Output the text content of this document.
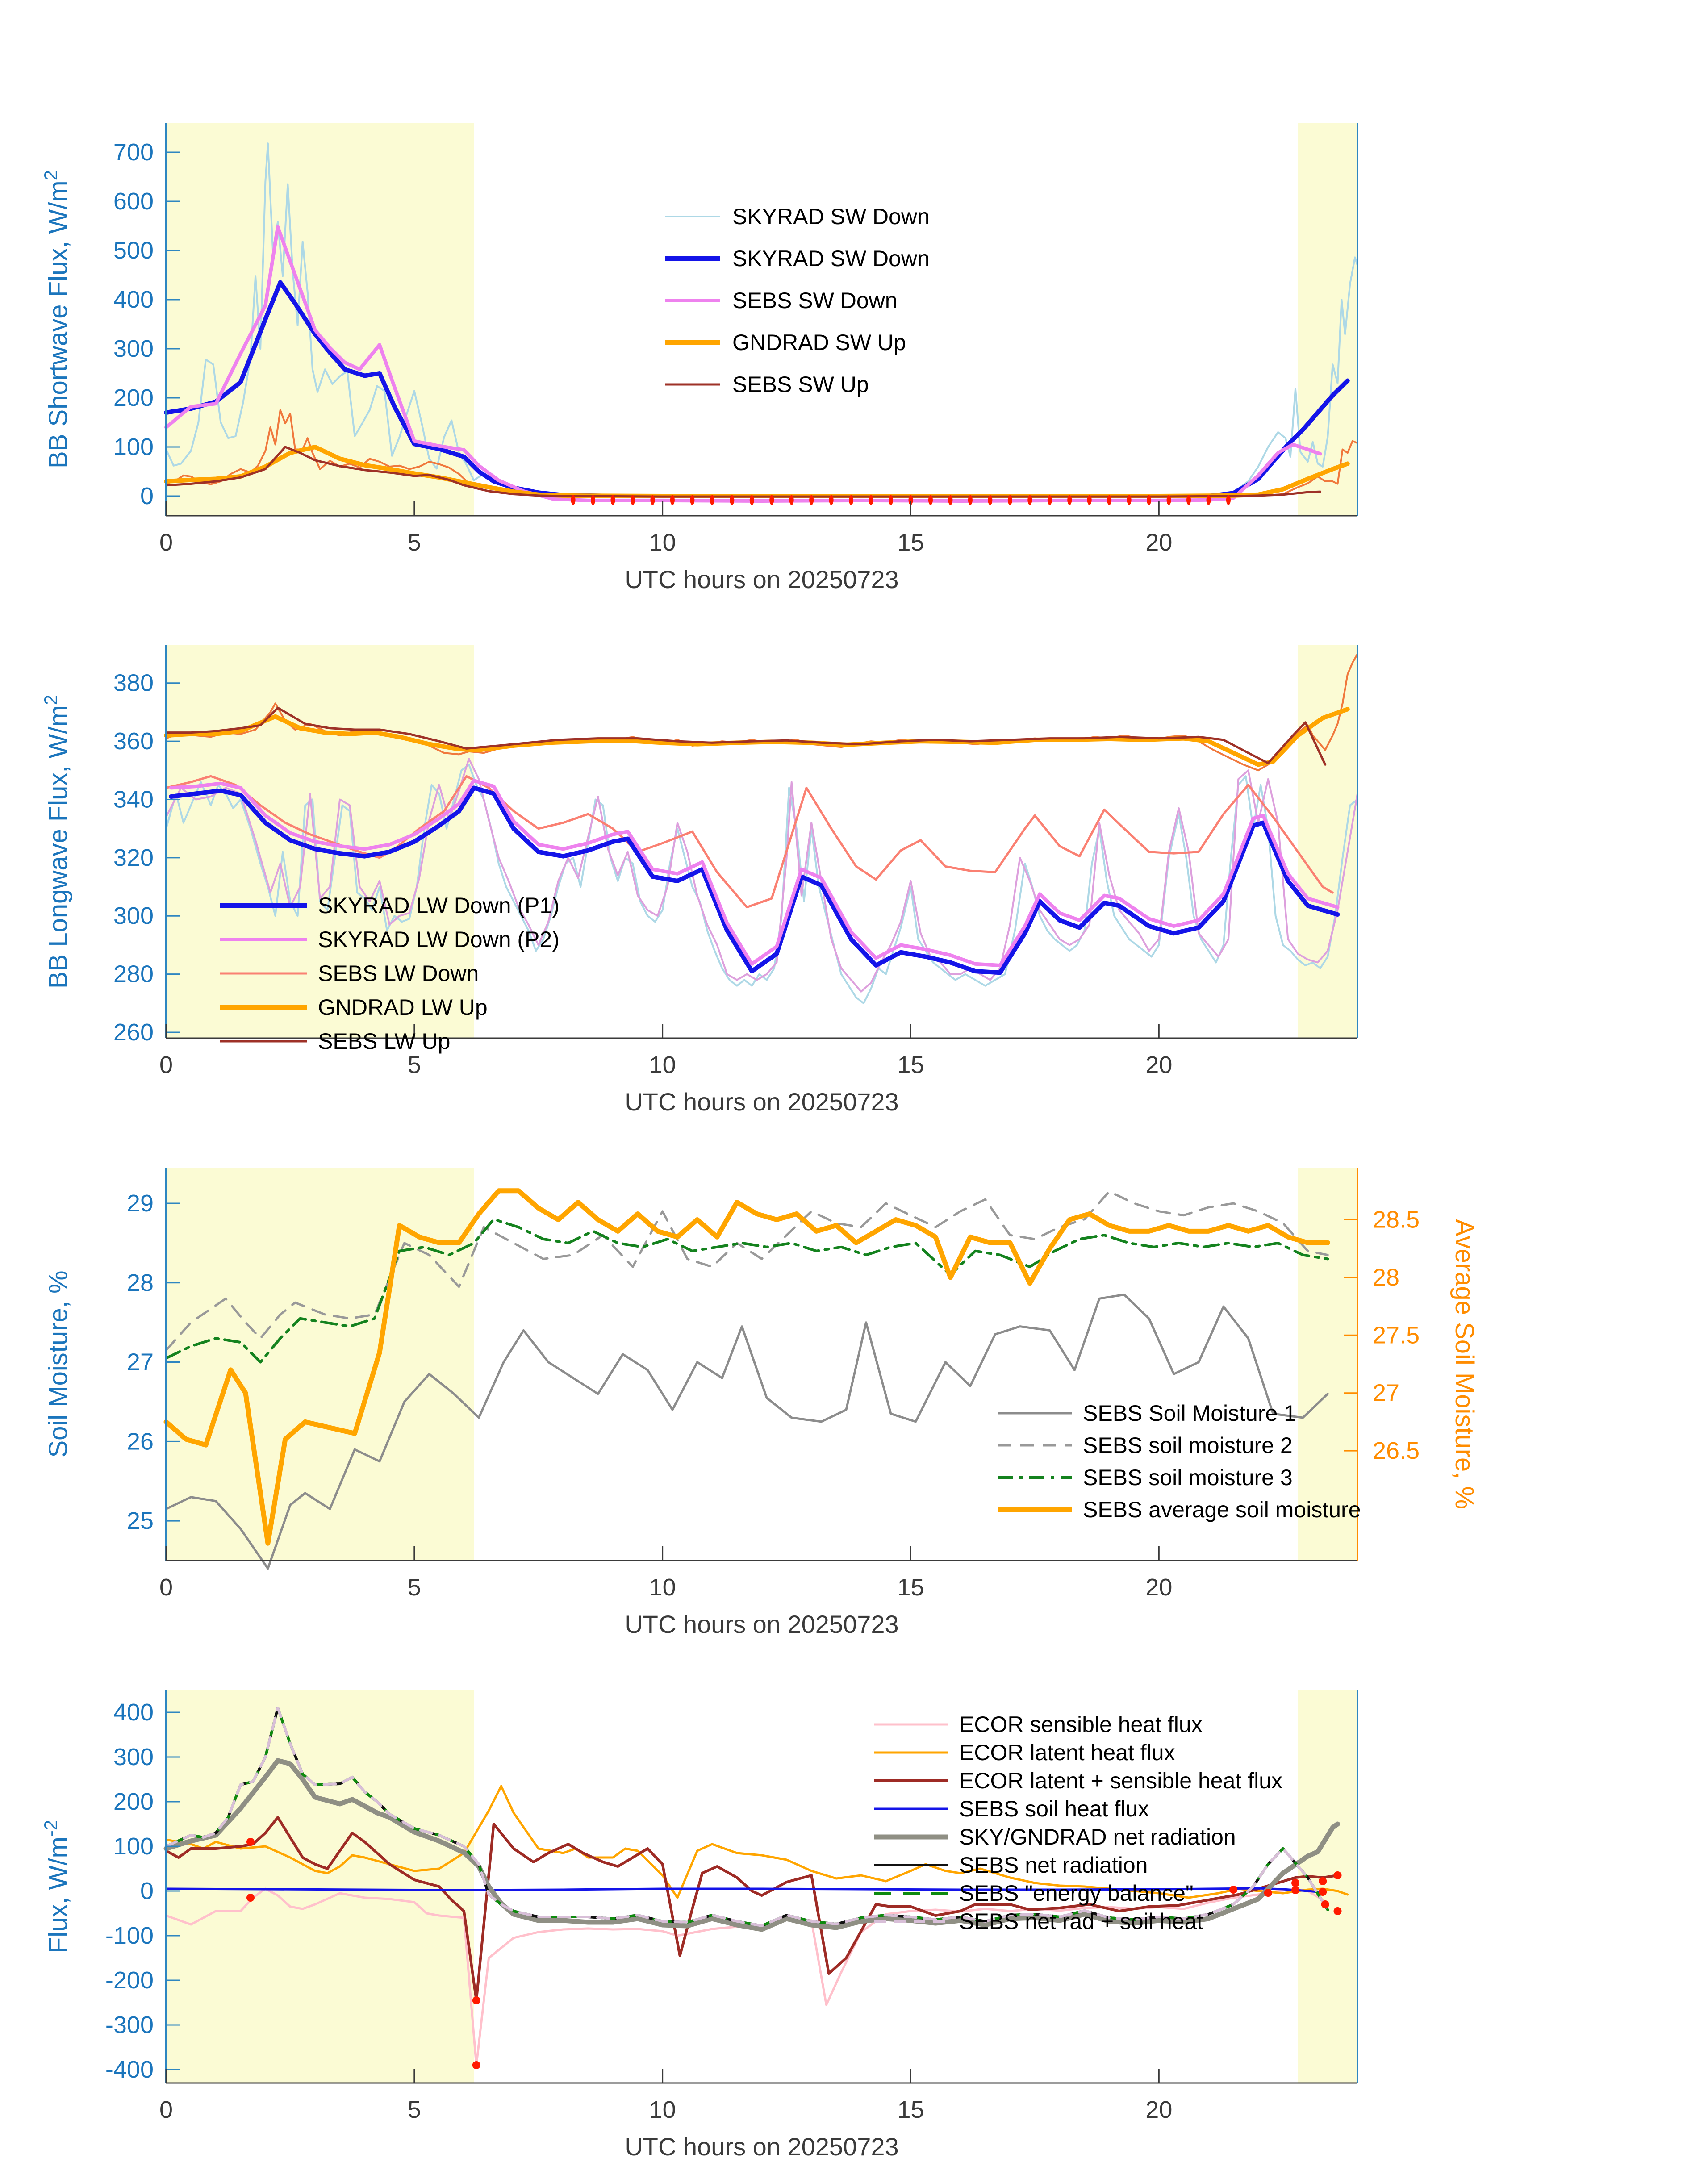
0
100
200
300
400
500
600
700
0	5	10	15	20
UTC hours on 20250723
BB Shortwave Flux, $W/m^2$
SKYRAD SW Down
SKYRAD SW Down
SEBS SW Down
GNDRAD SW Up
SEBS SW Up
260
280
300
320
340
360
380
0	5	10	15	20
UTC hours on 20250723
BB Longwave Flux, $W/m^2$
SKYRAD LW Down (P1)
SKYRAD LW Down (P2)
SEBS LW Down
GNDRAD LW Up
SEBS LW Up
25
26
27
28
29
26.5
27
27.5
28
28.5
0	5	10	15	20
UTC hours on 20250723
Soil Moisture, %	Average Soil Moisture, %
SEBS Soil Moisture 1
SEBS soil moisture 2
SEBS soil moisture 3
SEBS average soil moisture
-400
-300
-200
-100
0
100
200
300
400
0	5	10	15	20
UTC hours on 20250723
Flux, $W/m^{-2}$
ECOR sensible heat flux
ECOR latent heat flux
ECOR latent + sensible heat flux
SEBS soil heat flux
SKY/GNDRAD net radiation
SEBS net radiation
SEBS "energy balance"
SEBS net rad + soil heat
